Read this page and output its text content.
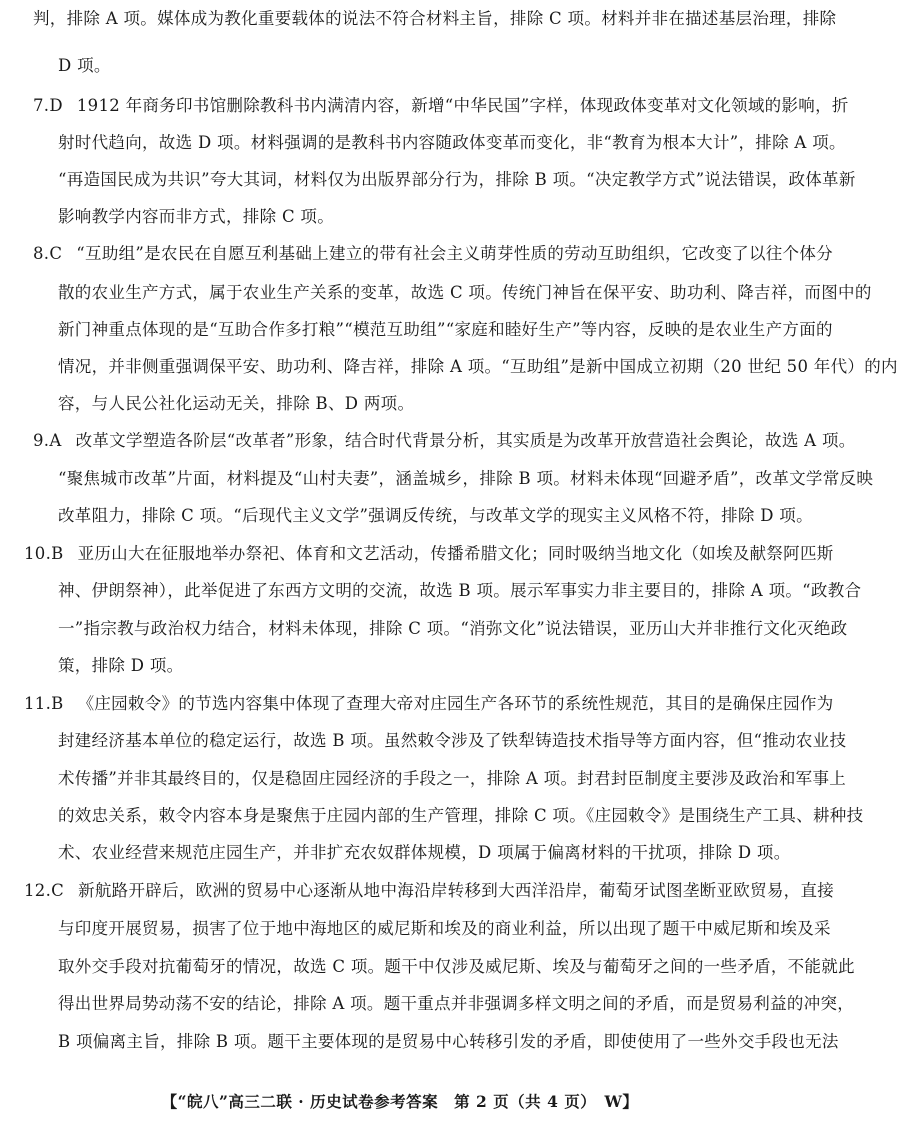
判，排除 A 项。媒体成为教化重要载体的说法不符合材料主旨，排除 C 项。材料并非在描述基层治理，排除
D 项。
7.D 1912 年商务印书馆删除教科书内满清内容，新增“中华民国”字样，体现政体变革对文化领域的影响，折
射时代趋向，故选 D 项。材料强调的是教科书内容随政体变革而变化，非“教育为根本大计”，排除 A 项。
“再造国民成为共识”夸大其词，材料仅为出版界部分行为，排除 B 项。“决定教学方式”说法错误，政体革新
影响教学内容而非方式，排除 C 项。
8.C “互助组”是农民在自愿互利基础上建立的带有社会主义萌芽性质的劳动互助组织，它改变了以往个体分
散的农业生产方式，属于农业生产关系的变革，故选 C 项。传统门神旨在保平安、助功利、降吉祥，而图中的
新门神重点体现的是“互助合作多打粮”“模范互助组”“家庭和睦好生产”等内容，反映的是农业生产方面的
情况，并非侧重强调保平安、助功利、降吉祥，排除 A 项。“互助组”是新中国成立初期（20 世纪 50 年代）的内
容，与人民公社化运动无关，排除 B、D 两项。
9.A 改革文学塑造各阶层“改革者”形象，结合时代背景分析，其实质是为改革开放营造社会舆论，故选 A 项。
“聚焦城市改革”片面，材料提及“山村夫妻”，涵盖城乡，排除 B 项。材料未体现“回避矛盾”，改革文学常反映
改革阻力，排除 C 项。“后现代主义文学”强调反传统，与改革文学的现实主义风格不符，排除 D 项。
10.B 亚历山大在征服地举办祭祀、体育和文艺活动，传播希腊文化；同时吸纳当地文化（如埃及献祭阿匹斯
神、伊朗祭神），此举促进了东西方文明的交流，故选 B 项。展示军事实力非主要目的，排除 A 项。“政教合
一”指宗教与政治权力结合，材料未体现，排除 C 项。“消弥文化”说法错误，亚历山大并非推行文化灭绝政
策，排除 D 项。
11.B 《庄园敕令》的节选内容集中体现了查理大帝对庄园生产各环节的系统性规范，其目的是确保庄园作为
封建经济基本单位的稳定运行，故选 B 项。虽然敕令涉及了铁犁铸造技术指导等方面内容，但“推动农业技
术传播”并非其最终目的，仅是稳固庄园经济的手段之一，排除 A 项。封君封臣制度主要涉及政治和军事上
的效忠关系，敕令内容本身是聚焦于庄园内部的生产管理，排除 C 项。《庄园敕令》是围绕生产工具、耕种技
术、农业经营来规范庄园生产，并非扩充农奴群体规模，D 项属于偏离材料的干扰项，排除 D 项。
12.C 新航路开辟后，欧洲的贸易中心逐渐从地中海沿岸转移到大西洋沿岸，葡萄牙试图垄断亚欧贸易，直接
与印度开展贸易，损害了位于地中海地区的威尼斯和埃及的商业利益，所以出现了题干中威尼斯和埃及采
取外交手段对抗葡萄牙的情况，故选 C 项。题干中仅涉及威尼斯、埃及与葡萄牙之间的一些矛盾，不能就此
得出世界局势动荡不安的结论，排除 A 项。题干重点并非强调多样文明之间的矛盾，而是贸易利益的冲突，
B 项偏离主旨，排除 B 项。题干主要体现的是贸易中心转移引发的矛盾，即使使用了一些外交手段也无法
【“皖八”高三二联 · 历史试卷参考答案　第 2 页（共 4 页）　W】
